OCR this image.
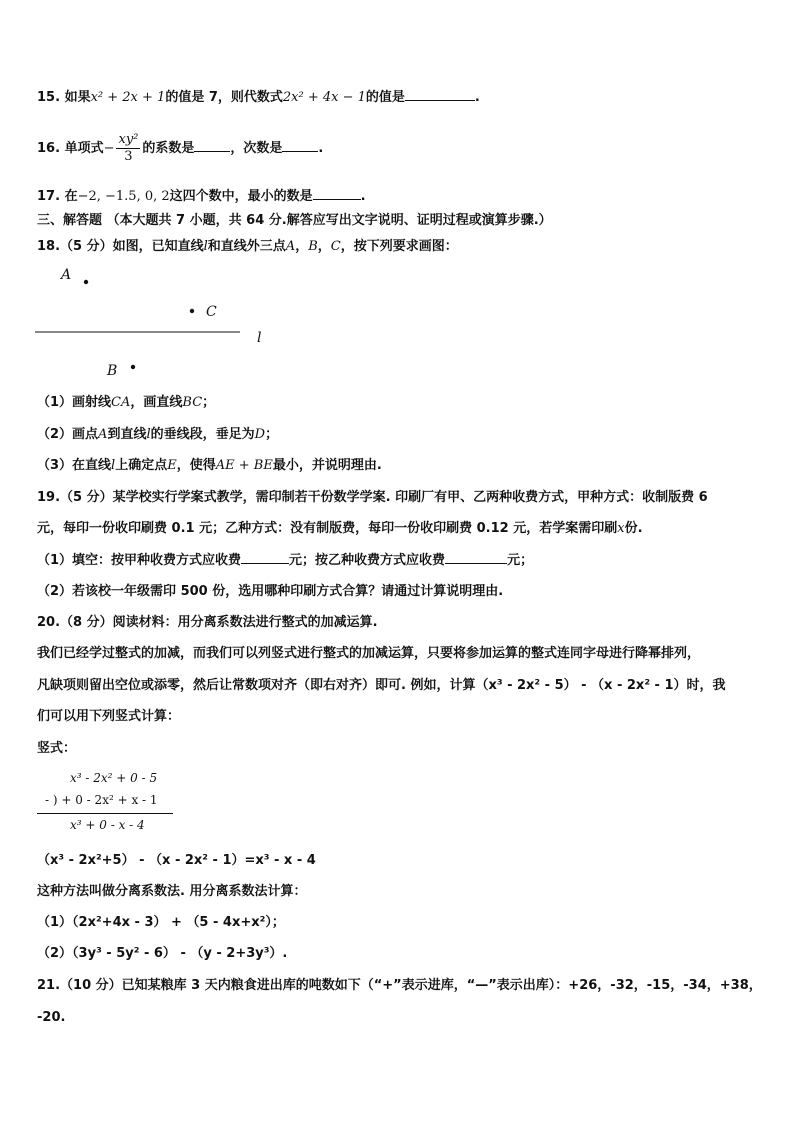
15. 如果x² + 2x + 1的值是 7，则代数式2x² + 4x − 1的值是	.
16. 单项式− $\frac{\text{xy²}}{3}$ 的系数是	，次数是	.
17. 在−2, −1.5, 0, 2这四个数中，最小的数是	.
三、解答题 （本大题共 7 小题，共 64 分.解答应写出文字说明、证明过程或演算步骤.）
18.（5 分）如图，已知直线l和直线外三点A，B，C，按下列要求画图：
A
C
l
B
（1）画射线CA，画直线BC；
（2）画点A到直线l的垂线段，垂足为D；
（3）在直线l上确定点E，使得AE + BE最小，并说明理由.
19.（5 分）某学校实行学案式教学，需印制若干份数学学案. 印刷厂有甲、乙两种收费方式，甲种方式：收制版费 6
元，每印一份收印刷费 0.1 元；乙种方式：没有制版费，每印一份收印刷费 0.12 元，若学案需印刷x份.
（1）填空：按甲种收费方式应收费	元；按乙种收费方式应收费	元；
（2）若该校一年级需印 500 份，选用哪种印刷方式合算？请通过计算说明理由.
20.（8 分）阅读材料：用分离系数法进行整式的加减运算.
我们已经学过整式的加减，而我们可以列竖式进行整式的加减运算，只要将参加运算的整式连同字母进行降幂排列，
凡缺项则留出空位或添零，然后让常数项对齐（即右对齐）即可. 例如，计算（x³ - 2x² - 5） - （x - 2x² - 1）时，我
们可以用下列竖式计算：
竖式：
x³ - 2x² + 0 - 5
- ) + 0 - 2x² + x - 1
x³ + 0 - x - 4
（x³ - 2x²+5） - （x - 2x² - 1）=x³ - x - 4
这种方法叫做分离系数法. 用分离系数法计算：
（1）（2x²+4x - 3） + （5 - 4x+x²）；
（2）（3y³ - 5y² - 6） - （y - 2+3y³）.
21.（10 分）已知某粮库 3 天内粮食进出库的吨数如下（“+”表示进库，“—”表示出库）：+26，-32，-15，-34，+38，
-20.
